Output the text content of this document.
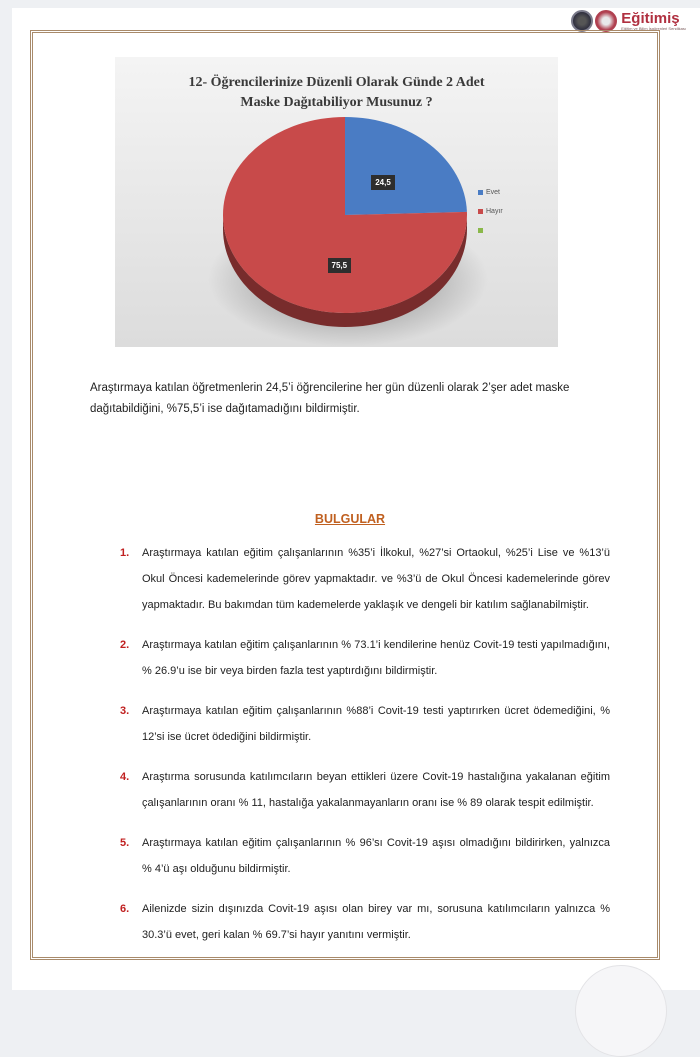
Eğitimiş
Eğitim ve Bilim İşgörenleri Sendikası
12- Öğrencilerinize Düzenli Olarak Günde 2 Adet
Maske Dağıtabiliyor Musunuz ?
24,5
75,5
Evet
Hayır
Araştırmaya katılan öğretmenlerin 24,5’i öğrencilerine her gün düzenli olarak 2’şer adet maske dağıtabildiğini, %75,5’i ise dağıtamadığını bildirmiştir.
BULGULAR
1.	Araştırmaya katılan eğitim çalışanlarının %35’i İlkokul, %27’si Ortaokul, %25’i Lise ve %13’ü Okul Öncesi kademelerinde görev yapmaktadır. ve %3’ü de Okul Öncesi kademelerinde görev yapmaktadır. Bu bakımdan tüm kademelerde yaklaşık ve dengeli bir katılım sağlanabilmiştir.
2.	Araştırmaya katılan eğitim çalışanlarının % 73.1’i kendilerine henüz Covit-19 testi yapılmadığını, % 26.9’u ise bir veya birden fazla test yaptırdığını bildirmiştir.
3.	Araştırmaya katılan eğitim çalışanlarının %88’i Covit-19 testi yaptırırken ücret ödemediğini, % 12’si ise ücret ödediğini bildirmiştir.
4.	Araştırma sorusunda katılımcıların beyan ettikleri üzere Covit-19 hastalığına yakalanan eğitim çalışanlarının oranı % 11, hastalığa yakalanmayanların oranı ise % 89 olarak tespit edilmiştir.
5.	Araştırmaya katılan eğitim çalışanlarının % 96’sı Covit-19 aşısı olmadığını bildirirken, yalnızca % 4’ü aşı olduğunu bildirmiştir.
6.	Ailenizde sizin dışınızda Covit-19 aşısı olan birey var mı, sorusuna katılımcıların yalnızca % 30.3’ü evet, geri kalan % 69.7’si hayır yanıtını vermiştir.
